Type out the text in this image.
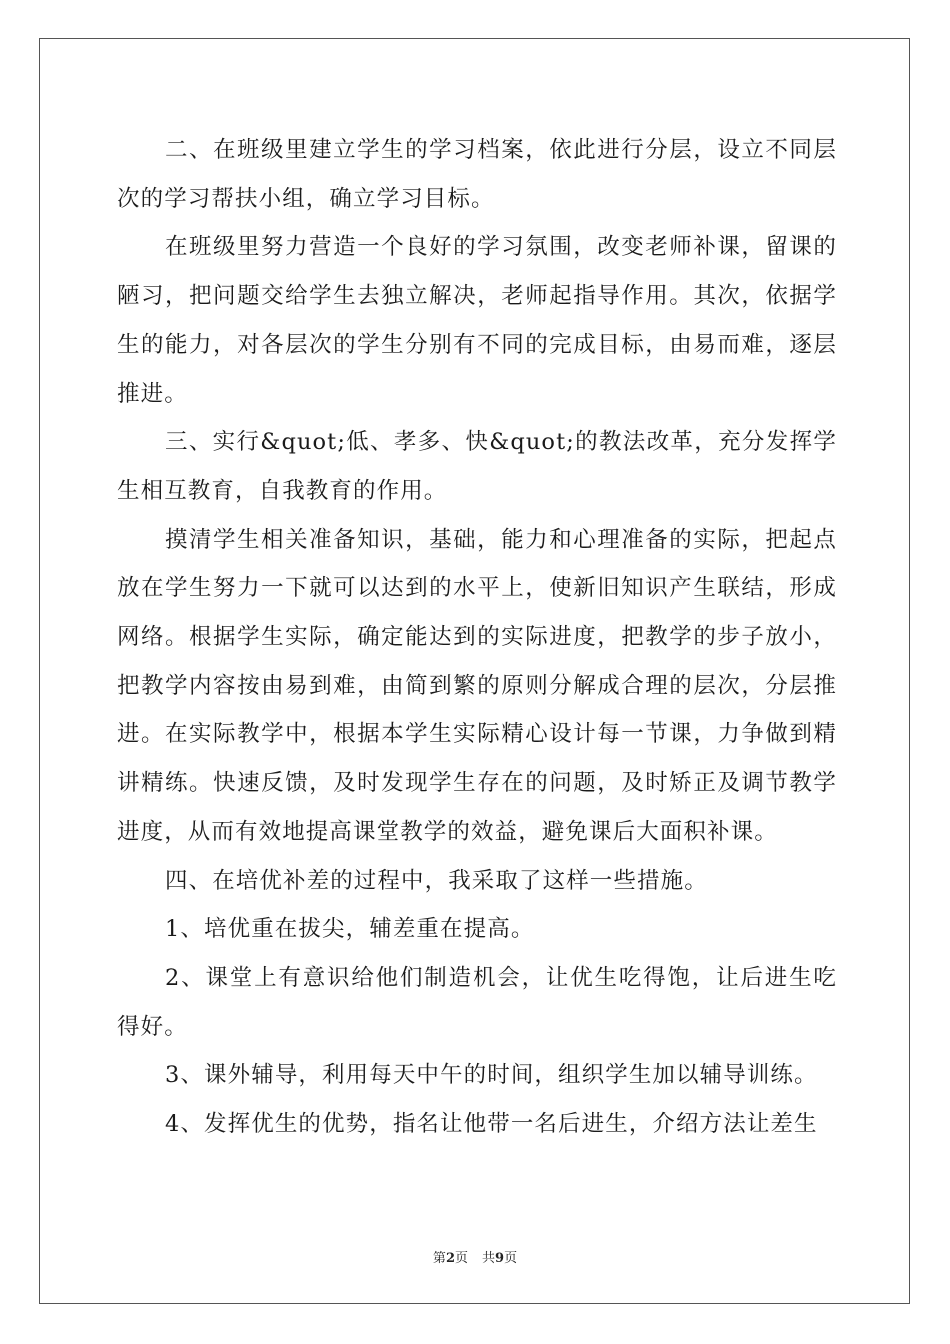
二、在班级里建立学生的学习档案，依此进行分层，设立不同层次的学习帮扶小组，确立学习目标。

在班级里努力营造一个良好的学习氛围，改变老师补课，留课的陋习，把问题交给学生去独立解决，老师起指导作用。其次，依据学生的能力，对各层次的学生分别有不同的完成目标，由易而难，逐层推进。

三、实行&quot;低、孝多、快&quot;的教法改革，充分发挥学生相互教育，自我教育的作用。

摸清学生相关准备知识，基础，能力和心理准备的实际，把起点放在学生努力一下就可以达到的水平上，使新旧知识产生联结，形成网络。根据学生实际，确定能达到的实际进度，把教学的步子放小，把教学内容按由易到难，由简到繁的原则分解成合理的层次，分层推进。在实际教学中，根据本学生实际精心设计每一节课，力争做到精讲精练。快速反馈，及时发现学生存在的问题，及时矫正及调节教学进度，从而有效地提高课堂教学的效益，避免课后大面积补课。

四、在培优补差的过程中，我采取了这样一些措施。

1、培优重在拔尖，辅差重在提高。

2、课堂上有意识给他们制造机会，让优生吃得饱，让后进生吃得好。

3、课外辅导，利用每天中午的时间，组织学生加以辅导训练。

4、发挥优生的优势，指名让他带一名后进生，介绍方法让差生

第2页 共9页
